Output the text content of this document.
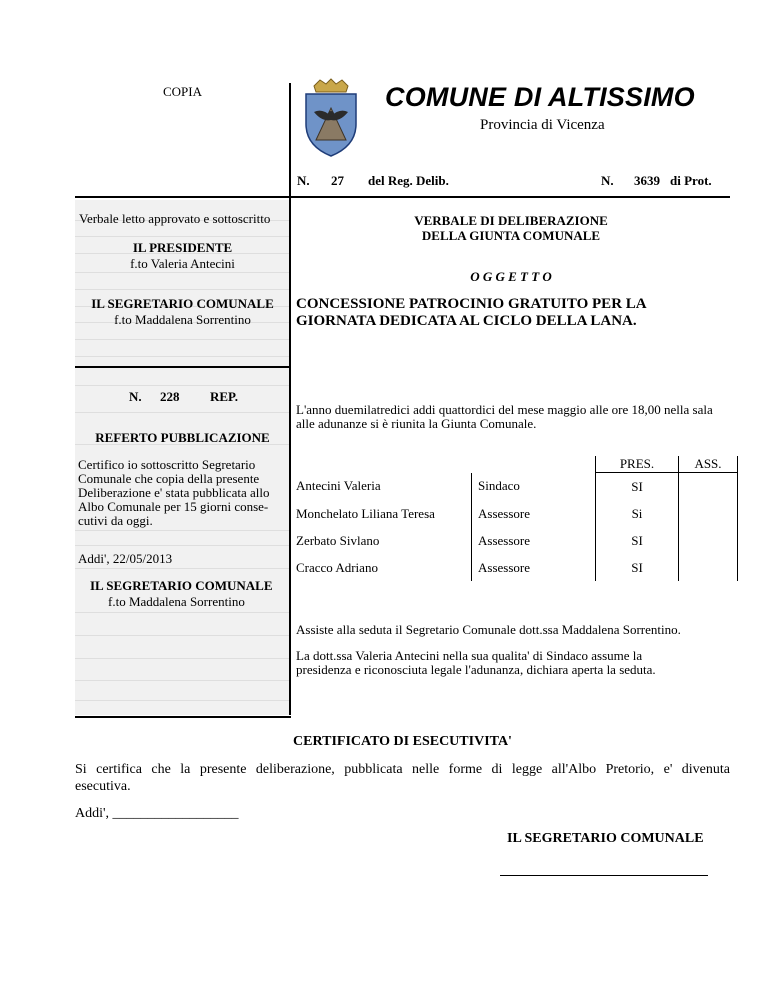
COPIA	COMUNE DI ALTISSIMO
Provincia di Vicenza
N. 27 del Reg. Delib.	N. 3639 di Prot.
Verbale letto approvato e sottoscritto
IL PRESIDENTE
f.to Valeria Antecini
IL SEGRETARIO COMUNALE
f.to Maddalena Sorrentino
N. 228 REP.
REFERTO PUBBLICAZIONE
Certifico io sottoscritto Segretario
Comunale che copia della presente
Deliberazione e' stata pubblicata allo
Albo Comunale per 15 giorni conse-
cutivi da oggi.
Addi', 22/05/2013
IL SEGRETARIO COMUNALE
f.to Maddalena Sorrentino
VERBALE DI DELIBERAZIONE
DELLA GIUNTA COMUNALE
O G G E T T O
CONCESSIONE PATROCINIO GRATUITO PER LA
GIORNATA DEDICATA AL CICLO DELLA LANA.
L'anno duemilatredici addi quattordici del mese maggio alle ore 18,00 nella sala
alle adunanze si è riunita la Giunta Comunale.
		PRES.	ASS.
Antecini Valeria	Sindaco	SI	
Monchelato Liliana Teresa	Assessore	Si	
Zerbato Sivlano	Assessore	SI	
Cracco Adriano	Assessore	SI	
Assiste alla seduta il Segretario Comunale dott.ssa Maddalena Sorrentino.
La dott.ssa Valeria Antecini nella sua qualita' di Sindaco assume la
presidenza e riconosciuta legale l'adunanza, dichiara aperta la seduta.
CERTIFICATO DI ESECUTIVITA'
Si certifica che la presente deliberazione, pubblicata nelle forme di legge all'Albo Pretorio, e' divenuta
esecutiva.
Addi', __________________
IL SEGRETARIO COMUNALE
